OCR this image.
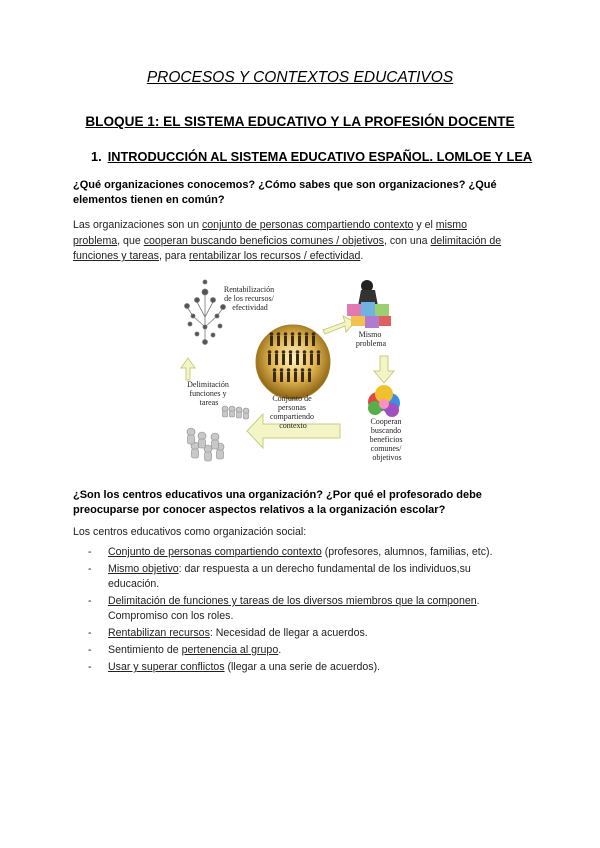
PROCESOS Y CONTEXTOS EDUCATIVOS
BLOQUE 1: EL SISTEMA EDUCATIVO Y LA PROFESIÓN DOCENTE
1. INTRODUCCIÓN AL SISTEMA EDUCATIVO ESPAÑOL. LOMLOE Y LEA
¿Qué organizaciones conocemos? ¿Cómo sabes que son organizaciones? ¿Qué
elementos tienen en común?
Las organizaciones son un conjunto de personas compartiendo contexto y el mismo
problema, que cooperan buscando beneficios comunes / objetivos, con una delimitación de
funciones y tareas, para rentabilizar los recursos / efectividad.
Rentabilización de los recursos/ efectividad
Conjunto de personas compartiendo contexto
Mismo problema
Cooperan buscando beneficios comunes/ objetivos
Delimitación funciones y tareas
¿Son los centros educativos una organización? ¿Por qué el profesorado debe
preocuparse por conocer aspectos relativos a la organización escolar?
Los centros educativos como organización social:
- Conjunto de personas compartiendo contexto (profesores, alumnos, familias, etc).
- Mismo objetivo: dar respuesta a un derecho fundamental de los individuos,su
educación.
- Delimitación de funciones y tareas de los diversos miembros que la componen.
Compromiso con los roles.
- Rentabilizan recursos: Necesidad de llegar a acuerdos.
- Sentimiento de pertenencia al grupo.
- Usar y superar conflictos (llegar a una serie de acuerdos).
